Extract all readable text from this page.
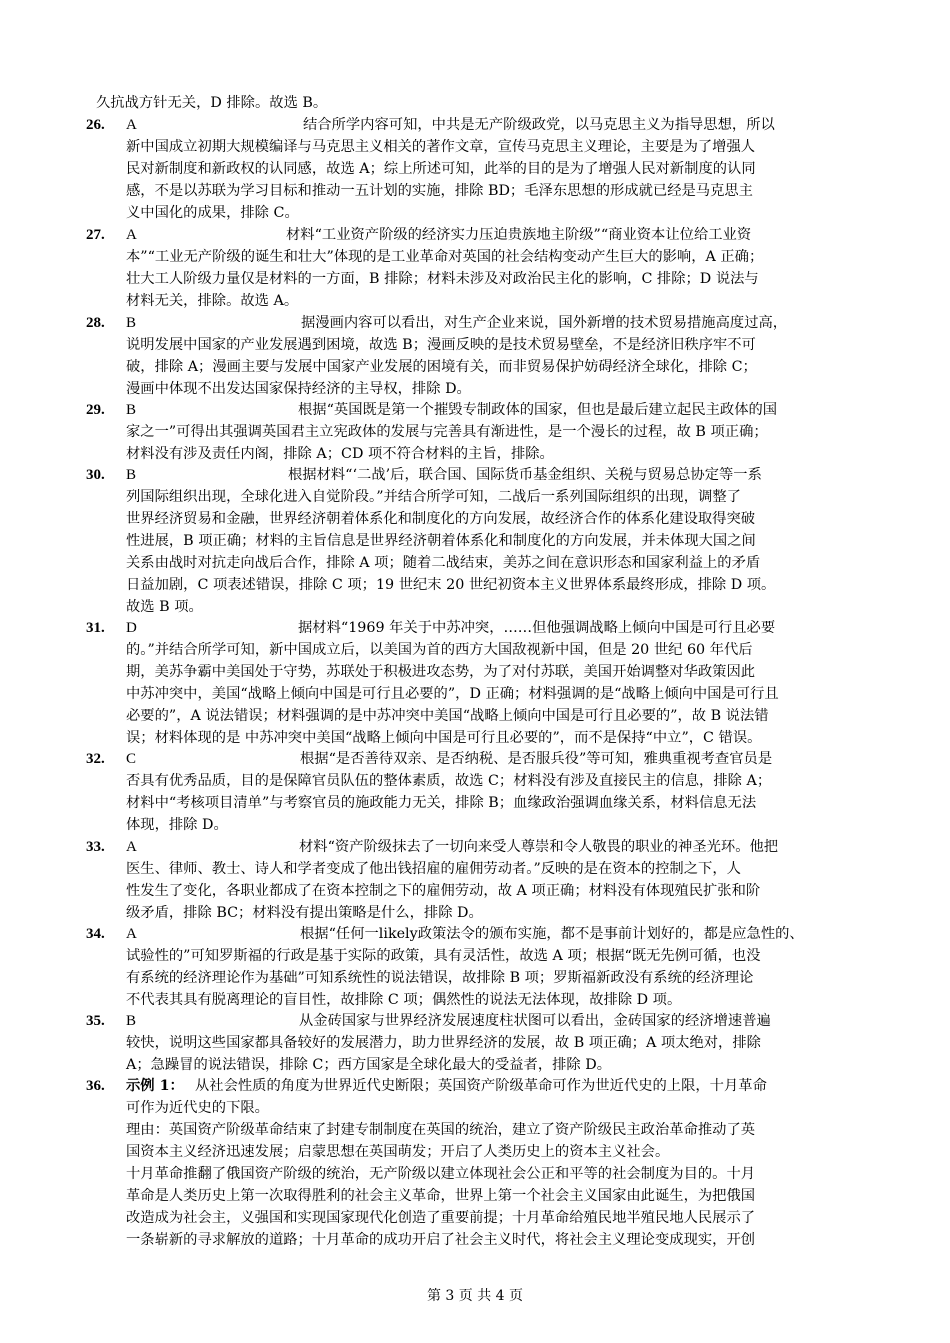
久抗战方针无关，D 排除。故选 B。
26. A	结合所学内容可知，中共是无产阶级政党，以马克思主义为指导思想，所以
新中国成立初期大规模编译与马克思主义相关的著作文章，宣传马克思主义理论，主要是为了增强人
民对新制度和新政权的认同感，故选 A；综上所述可知，此举的目的是为了增强人民对新制度的认同
感，不是以苏联为学习目标和推动一五计划的实施，排除 BD；毛泽东思想的形成就已经是马克思主
义中国化的成果，排除 C。
27. A	材料“工业资产阶级的经济实力压迫贵族地主阶级”“商业资本让位给工业资
本”“工业无产阶级的诞生和壮大”体现的是工业革命对英国的社会结构变动产生巨大的影响，A 正确；
壮大工人阶级力量仅是材料的一方面，B 排除；材料未涉及对政治民主化的影响，C 排除；D 说法与
材料无关，排除。故选 A。
28. B	据漫画内容可以看出，对生产企业来说，国外新增的技术贸易措施高度过高，
说明发展中国家的产业发展遇到困境，故选 B；漫画反映的是技术贸易壁垒，不是经济旧秩序牢不可
破，排除 A；漫画主要与发展中国家产业发展的困境有关，而非贸易保护妨碍经济全球化，排除 C；
漫画中体现不出发达国家保持经济的主导权，排除 D。
29. B	根据“英国既是第一个摧毁专制政体的国家，但也是最后建立起民主政体的国
家之一”可得出其强调英国君主立宪政体的发展与完善具有渐进性，是一个漫长的过程，故 B 项正确；
材料没有涉及责任内阁，排除 A；CD 项不符合材料的主旨，排除。
30. B	根据材料“‘二战’后，联合国、国际货币基金组织、关税与贸易总协定等一系
列国际组织出现，全球化进入自觉阶段。”并结合所学可知，二战后一系列国际组织的出现，调整了
世界经济贸易和金融，世界经济朝着体系化和制度化的方向发展，故经济合作的体系化建设取得突破
性进展，B 项正确；材料的主旨信息是世界经济朝着体系化和制度化的方向发展，并未体现大国之间
关系由战时对抗走向战后合作，排除 A 项；随着二战结束，美苏之间在意识形态和国家利益上的矛盾
日益加剧，C 项表述错误，排除 C 项；19 世纪末 20 世纪初资本主义世界体系最终形成，排除 D 项。
故选 B 项。
31. D	据材料“1969 年关于中苏冲突，……但他强调战略上倾向中国是可行且必要
的。”并结合所学可知，新中国成立后，以美国为首的西方大国敌视新中国，但是 20 世纪 60 年代后
期，美苏争霸中美国处于守势，苏联处于积极进攻态势，为了对付苏联，美国开始调整对华政策因此
中苏冲突中，美国“战略上倾向中国是可行且必要的”，D 正确；材料强调的是“战略上倾向中国是可行且
必要的”，A 说法错误；材料强调的是中苏冲突中美国“战略上倾向中国是可行且必要的”，故 B 说法错
误；材料体现的是 中苏冲突中美国“战略上倾向中国是可行且必要的”，而不是保持“中立”，C 错误。
32. C	根据“是否善待双亲、是否纳税、是否服兵役”等可知，雅典重视考查官员是
否具有优秀品质，目的是保障官员队伍的整体素质，故选 C；材料没有涉及直接民主的信息，排除 A；
材料中“考核项目清单”与考察官员的施政能力无关，排除 B；血缘政治强调血缘关系，材料信息无法
体现，排除 D。
33. A	材料“资产阶级抹去了一切向来受人尊崇和令人敬畏的职业的神圣光环。他把
医生、律师、教士、诗人和学者变成了他出钱招雇的雇佣劳动者。”反映的是在资本的控制之下，人
性发生了变化，各职业都成了在资本控制之下的雇佣劳动，故 A 项正确；材料没有体现殖民扩张和阶
级矛盾，排除 BC；材料没有提出策略是什么，排除 D。
34. A	根据“任何一likely政策法令的颁布实施，都不是事前计划好的，都是应急性的、
试验性的”可知罗斯福的行政是基于实际的政策，具有灵活性，故选 A 项；根据“既无先例可循，也没
有系统的经济理论作为基础”可知系统性的说法错误，故排除 B 项；罗斯福新政没有系统的经济理论
不代表其具有脱离理论的盲目性，故排除 C 项；偶然性的说法无法体现，故排除 D 项。
35. B	从金砖国家与世界经济发展速度柱状图可以看出，金砖国家的经济增速普遍
较快，说明这些国家都具备较好的发展潜力，助力世界经济的发展，故 B 项正确；A 项太绝对，排除
A；急躁冒的说法错误，排除 C；西方国家是全球化最大的受益者，排除 D。
36. 示例 1： 从社会性质的角度为世界近代史断限；英国资产阶级革命可作为世近代史的上限，十月革命
可作为近代史的下限。
理由：英国资产阶级革命结束了封建专制制度在英国的统治，建立了资产阶级民主政治革命推动了英
国资本主义经济迅速发展；启蒙思想在英国萌发；开启了人类历史上的资本主义社会。
十月革命推翻了俄国资产阶级的统治，无产阶级以建立体现社会公正和平等的社会制度为目的。十月
革命是人类历史上第一次取得胜利的社会主义革命，世界上第一个社会主义国家由此诞生，为把俄国
改造成为社会主，义强国和实现国家现代化创造了重要前提；十月革命给殖民地半殖民地人民展示了
一条崭新的寻求解放的道路；十月革命的成功开启了社会主义时代，将社会主义理论变成现实，开创
第 3 页 共 4 页
